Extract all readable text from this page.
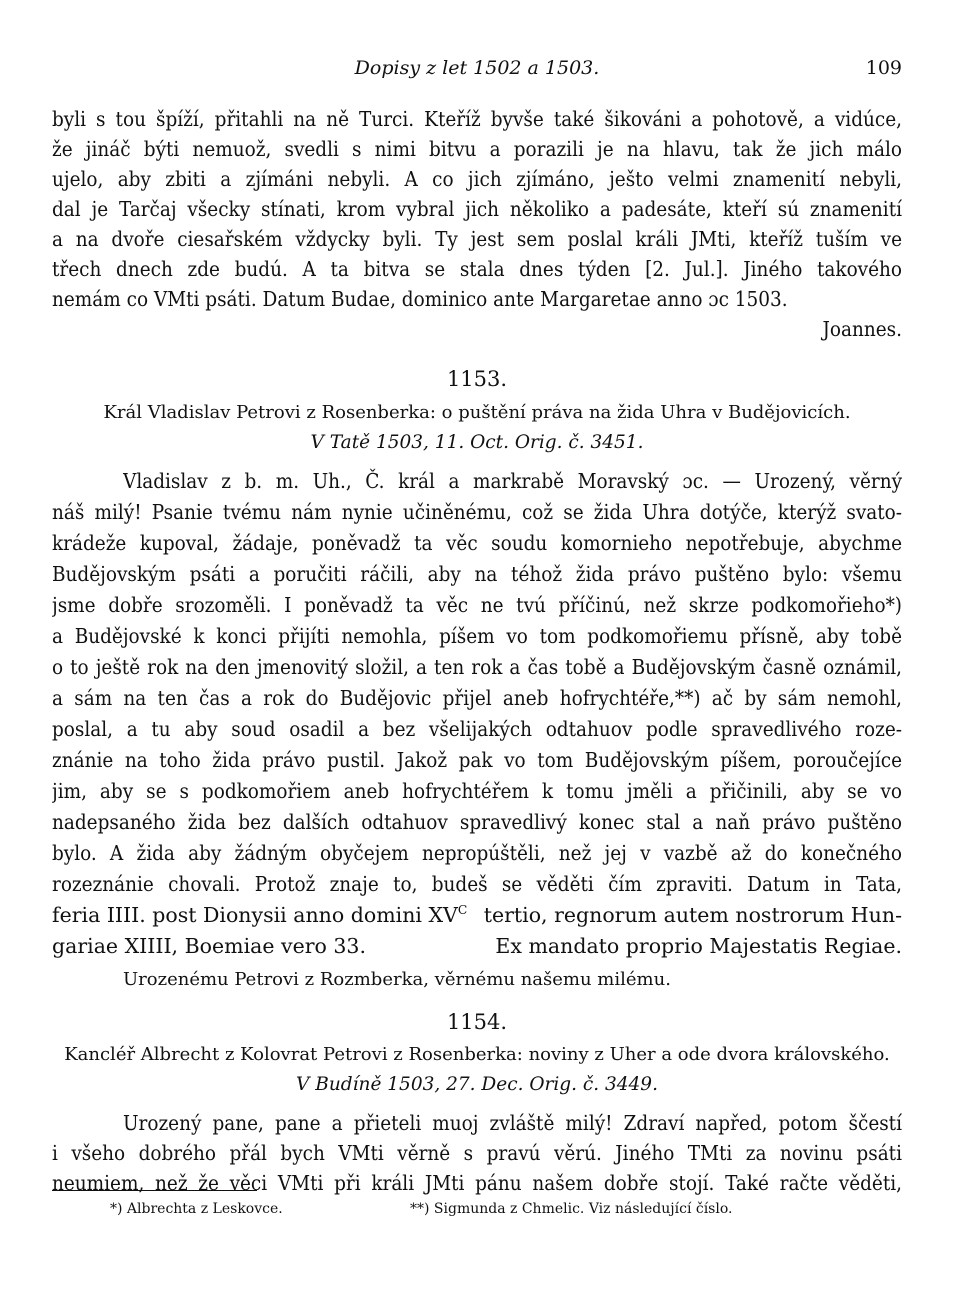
Dopisy z let 1502 a 1503.	109
byli s tou špíží, přitahli na ně Turci. Kteříž byvše také šikováni a pohotově, a vidúce,
že jináč býti nemuož, svedli s nimi bitvu a porazili je na hlavu, tak že jich málo
ujelo, aby zbiti a zjímáni nebyli. A co jich zjímáno, ješto velmi znamenití nebyli,
dal je Tarčaj všecky stínati, krom vybral jich několiko a padesáte, kteří sú znamenití
a na dvoře ciesařském vždycky byli. Ty jest sem poslal králi JMti, kteříž tuším ve
třech dnech zde budú. A ta bitva se stala dnes týden [2. Jul.]. Jiného takového
nemám co VMti psáti. Datum Budae, dominico ante Margaretae anno ɔc 1503.
Joannes.
1153.
Král Vladislav Petrovi z Rosenberka: o puštění práva na žida Uhra v Budějovicích.
V Tatě 1503, 11. Oct. Orig. č. 3451.
Vladislav z b. m. Uh., Č. král a markrabě Moravský ɔc. — Urozený, věrný
náš milý! Psanie tvému nám nynie učiněnému, což se žida Uhra dotýče, kterýž svato-
krádeže kupoval, žádaje, poněvadž ta věc soudu komornieho nepotřebuje, abychme
Budějovským psáti a poručiti ráčili, aby na téhož žida právo puštěno bylo: všemu
jsme dobře srozoměli. I poněvadž ta věc ne tvú příčinú, než skrze podkomořieho*)
a Budějovské k konci přijíti nemohla, píšem vo tom podkomořiemu přísně, aby tobě
o to ještě rok na den jmenovitý složil, a ten rok a čas tobě a Budějovským časně oznámil,
a sám na ten čas a rok do Budějovic přijel aneb hofrychtéře,**) ač by sám nemohl,
poslal, a tu aby soud osadil a bez všelijakých odtahuov podle spravedlivého roze-
znánie na toho žida právo pustil. Jakož pak vo tom Budějovským píšem, poroučejíce
jim, aby se s podkomořiem aneb hofrychtéřem k tomu jměli a přičinili, aby se vo
nadepsaného žida bez dalších odtahuov spravedlivý konec stal a naň právo puštěno
bylo. A žida aby žádným obyčejem nepropúštěli, než jej v vazbě až do konečného
rozeznánie chovali. Protož znaje to, budeš se věděti čím zpraviti. Datum in Tata,
feria IIII. post Dionysii anno domini $XV^C$ tertio, regnorum autem nostrorum Hun-
gariae XIIII, Boemiae vero 33.	Ex mandato proprio Majestatis Regiae.
Urozenému Petrovi z Rozmberka, věrnému našemu milému.
1154.
Kancléř Albrecht z Kolovrat Petrovi z Rosenberka: noviny z Uher a ode dvora královského.
V Budíně 1503, 27. Dec. Orig. č. 3449.
Urozený pane, pane a přieteli muoj zvláště milý! Zdraví napřed, potom ščestí
i všeho dobrého přál bych VMti věrně s pravú věrú. Jiného TMti za novinu psáti
neumiem, než že věci VMti při králi JMti pánu našem dobře stojí. Také račte věděti,
*) Albrechta z Leskovce.	**) Sigmunda z Chmelic. Viz následující číslo.
